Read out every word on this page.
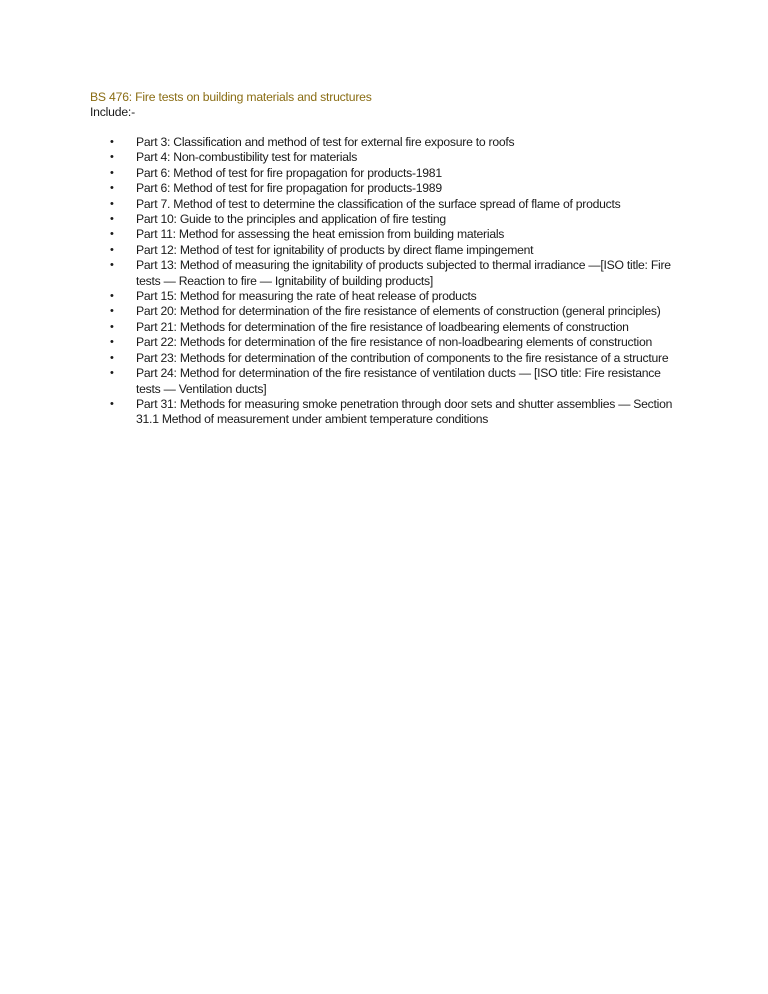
BS 476: Fire tests on building materials and structures

Include:-

• Part 3: Classification and method of test for external fire exposure to roofs
• Part 4: Non-combustibility test for materials
• Part 6: Method of test for fire propagation for products-1981
• Part 6: Method of test for fire propagation for products-1989
• Part 7. Method of test to determine the classification of the surface spread of flame of products
• Part 10: Guide to the principles and application of fire testing
• Part 11: Method for assessing the heat emission from building materials
• Part 12: Method of test for ignitability of products by direct flame impingement
• Part 13: Method of measuring the ignitability of products subjected to thermal irradiance —[ISO title: Fire tests — Reaction to fire — Ignitability of building products]
• Part 15: Method for measuring the rate of heat release of products
• Part 20: Method for determination of the fire resistance of elements of construction (general principles)
• Part 21: Methods for determination of the fire resistance of loadbearing elements of construction
• Part 22: Methods for determination of the fire resistance of non-loadbearing elements of construction
• Part 23: Methods for determination of the contribution of components to the fire resistance of a structure
• Part 24: Method for determination of the fire resistance of ventilation ducts — [ISO title: Fire resistance tests — Ventilation ducts]
• Part 31: Methods for measuring smoke penetration through door sets and shutter assemblies — Section 31.1 Method of measurement under ambient temperature conditions
